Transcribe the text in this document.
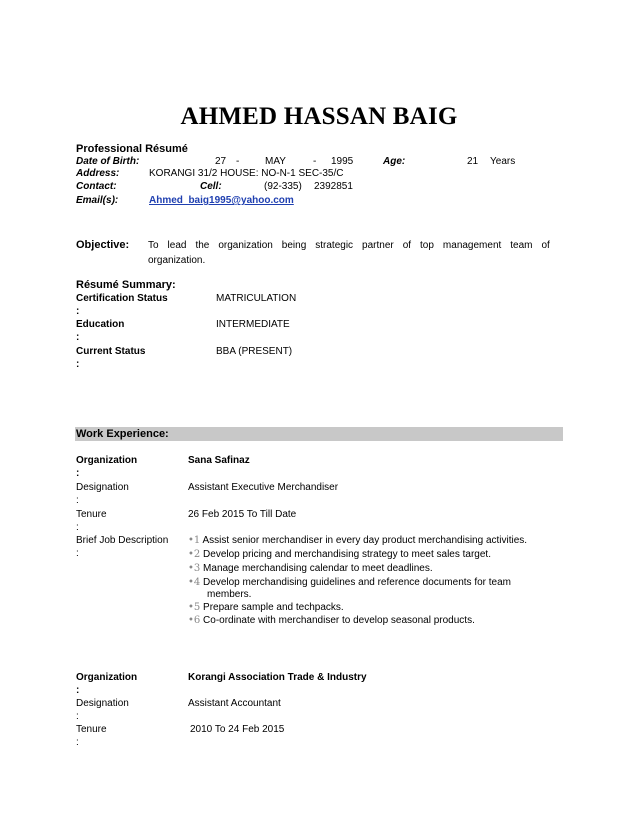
AHMED HASSAN BAIG
Professional Résumé
Date of Birth:	27 -	MAY	- 1995	Age:	21 Years
Address:	KORANGI 31/2 HOUSE: NO-N-1 SEC-35/C
Contact:	Cell:	(92-335) 2392851
Email(s):	Ahmed_baig1995@yahoo.com
Objective: To lead the organization being strategic partner of top management team of
organization.
Résumé Summary:
Certification Status
:
MATRICULATION
Education
:
INTERMEDIATE
Current Status
:
BBA (PRESENT)
Work Experience:
Organization
:
Sana Safinaz
Designation
:
Assistant Executive Merchandiser
Tenure
:
26 Feb 2015 To Till Date
Brief Job Description
:
•1 Assist senior merchandiser in every day product merchandising activities.
•2 Develop pricing and merchandising strategy to meet sales target.
•3 Manage merchandising calendar to meet deadlines.
•4 Develop merchandising guidelines and reference documents for team
members.
•5 Prepare sample and techpacks.
•6 Co-ordinate with merchandiser to develop seasonal products.
Organization
:
Korangi Association Trade & Industry
Designation
:
Assistant Accountant
Tenure
:
2010 To 24 Feb 2015
